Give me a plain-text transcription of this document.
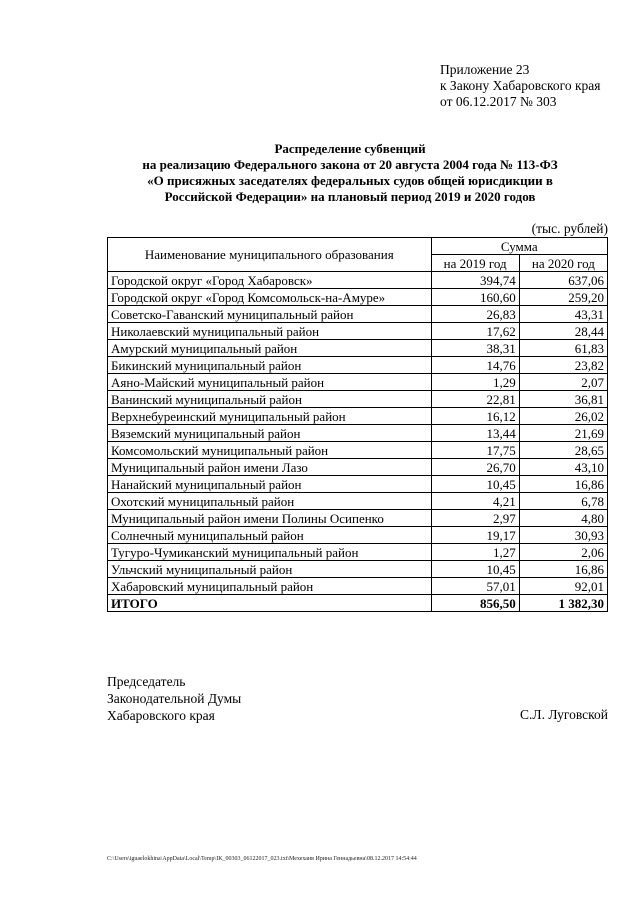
Приложение 23
к Закону Хабаровского края
от 06.12.2017 № 303
Распределение субвенций
на реализацию Федерального закона от 20 августа 2004 года № 113-ФЗ
«О присяжных заседателях федеральных судов общей юрисдикции в
Российской Федерации» на плановый период 2019 и 2020 годов
(тыс. рублей)
Наименование муниципального образования	Сумма	
	на 2019 год	на 2020 год
Городской округ «Город Хабаровск»	394,74	637,06
Городской округ «Город Комсомольск-на-Амуре»	160,60	259,20
Советско-Гаванский муниципальный район	26,83	43,31
Николаевский муниципальный район	17,62	28,44
Амурский муниципальный район	38,31	61,83
Бикинский муниципальный район	14,76	23,82
Аяно-Майский муниципальный район	1,29	2,07
Ванинский муниципальный район	22,81	36,81
Верхнебуреинский муниципальный район	16,12	26,02
Вяземский муниципальный район	13,44	21,69
Комсомольский муниципальный район	17,75	28,65
Муниципальный район имени Лазо	26,70	43,10
Нанайский муниципальный район	10,45	16,86
Охотский муниципальный район	4,21	6,78
Муниципальный район имени Полины Осипенко	2,97	4,80
Солнечный муниципальный район	19,17	30,93
Тугуро-Чумиканский муниципальный район	1,27	2,06
Ульчский муниципальный район	10,45	16,86
Хабаровский муниципальный район	57,01	92,01
ИТОГО	856,50	1 382,30
Председатель
Законодательной Думы
Хабаровского края	С.Л. Луговской
C:\Users\iguaelokhina\AppData\Local\Temp\IK_00303_06122017_023.txt\Мехеханв Ирина Геннадьевна\08.12.2017 14:54:44
